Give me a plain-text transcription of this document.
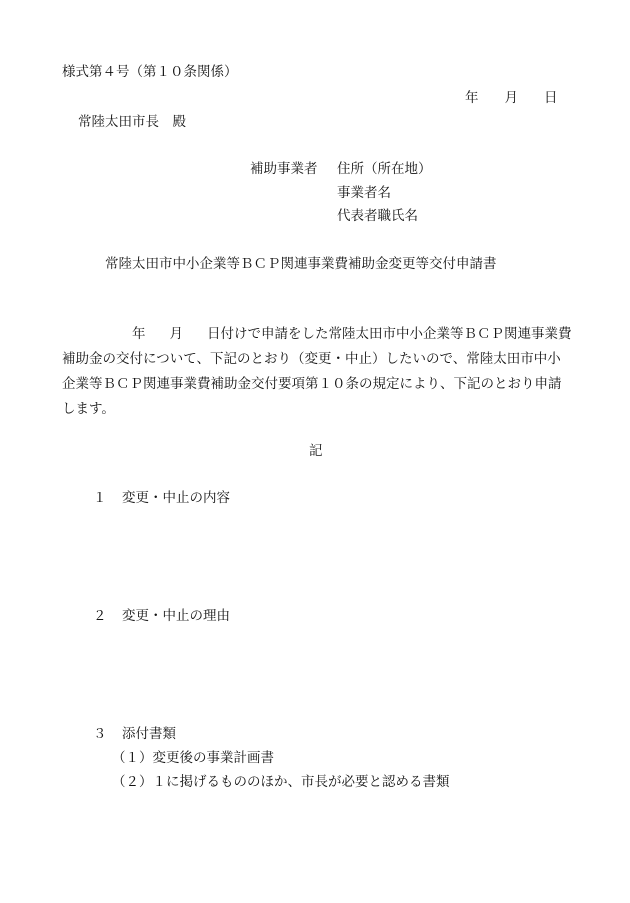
様式第４号（第１０条関係）
年 月 日
常陸太田市長　殿
補助事業者 住所（所在地）
事業者名
代表者職氏名
常陸太田市中小企業等ＢＣＰ関連事業費補助金変更等交付申請書
年 月 日付けで申請をした常陸太田市中小企業等ＢＣＰ関連事業費補助金の交付について、下記のとおり（変更・中止）したいので、常陸太田市中小企業等ＢＣＰ関連事業費補助金交付要項第１０条の規定により、下記のとおり申請します。
記
１ 変更・中止の内容
２ 変更・中止の理由
３ 添付書類
（１）変更後の事業計画書
（２）１に掲げるもののほか、市長が必要と認める書類
